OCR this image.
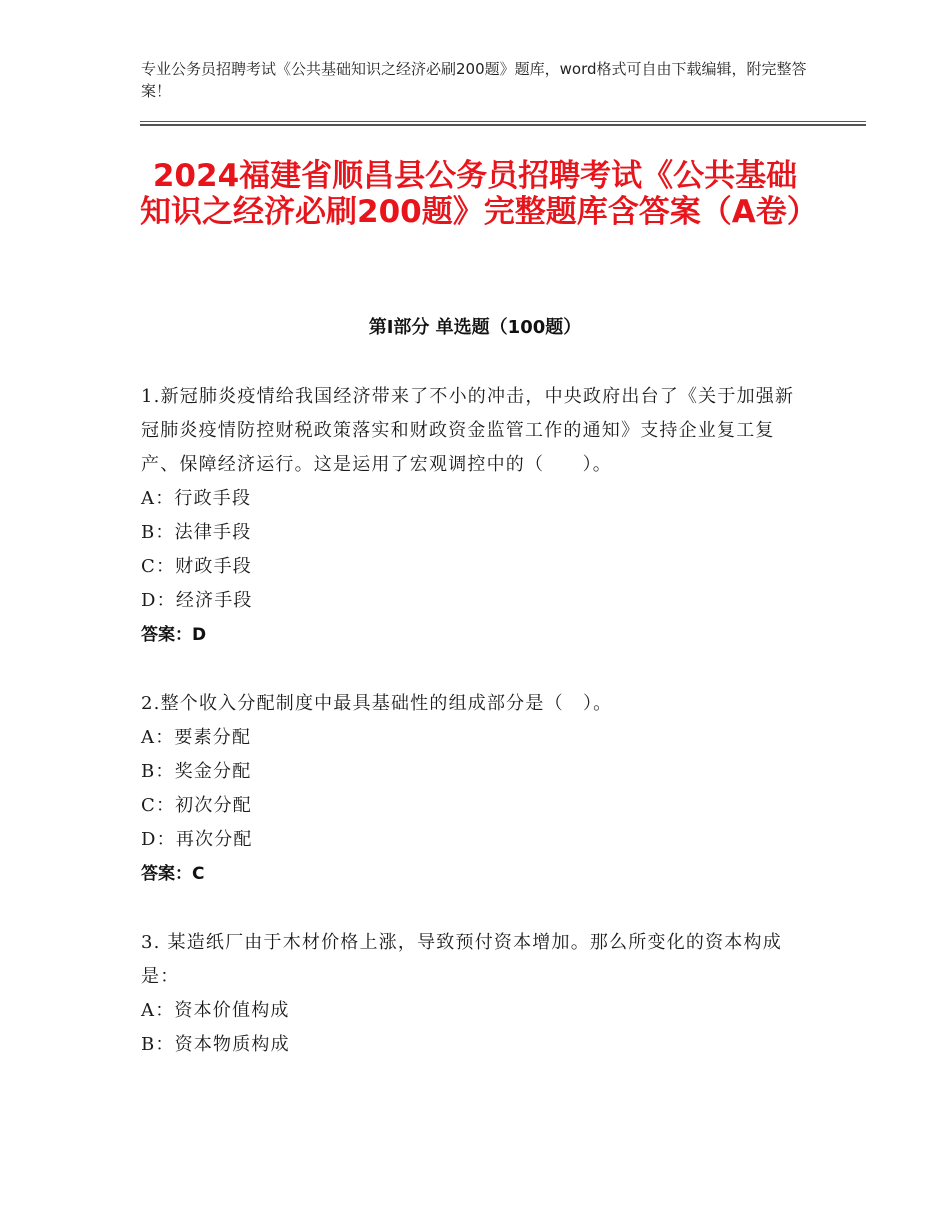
专业公务员招聘考试《公共基础知识之经济必刷200题》题库，word格式可自由下载编辑，附完整答案！
2024福建省顺昌县公务员招聘考试《公共基础知识之经济必刷200题》完整题库含答案（A卷）
第Ⅰ部分 单选题（100题）
1.新冠肺炎疫情给我国经济带来了不小的冲击，中央政府出台了《关于加强新冠肺炎疫情防控财税政策落实和财政资金监管工作的通知》支持企业复工复产、保障经济运行。这是运用了宏观调控中的（　　）。
A：行政手段
B：法律手段
C：财政手段
D：经济手段
答案：D
2.整个收入分配制度中最具基础性的组成部分是（　）。
A：要素分配
B：奖金分配
C：初次分配
D：再次分配
答案：C
3. 某造纸厂由于木材价格上涨，导致预付资本增加。那么所变化的资本构成是：
A：资本价值构成
B：资本物质构成
